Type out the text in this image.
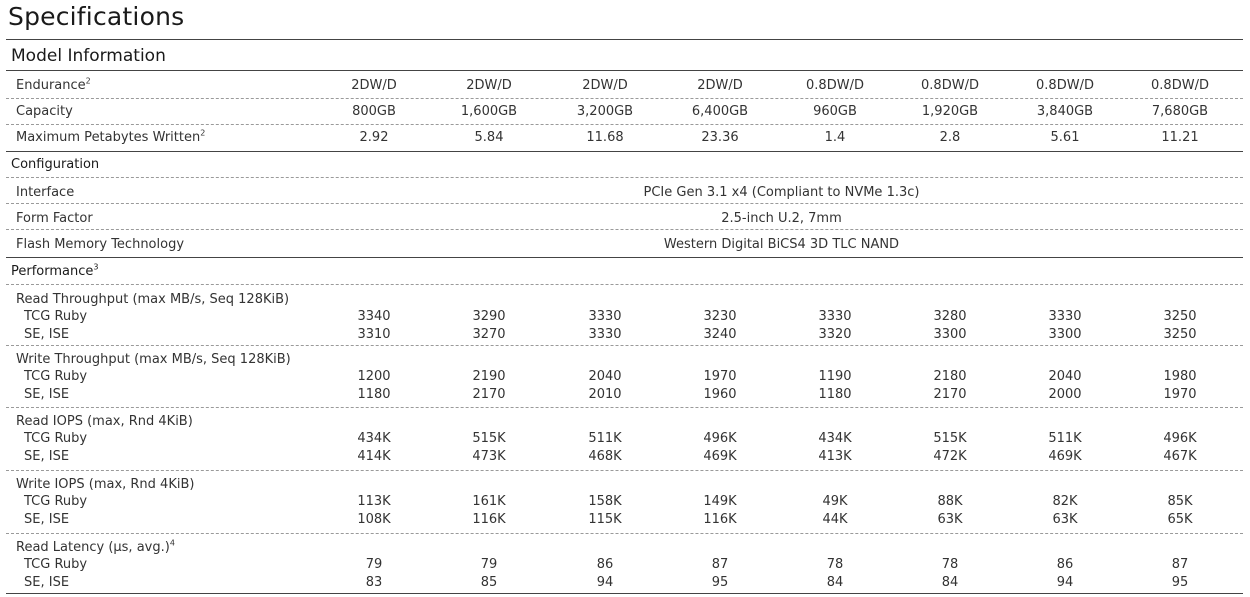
Specifications
Model Information
Endurance$^2$	2DW/D	2DW/D	2DW/D	2DW/D	0.8DW/D	0.8DW/D	0.8DW/D	0.8DW/D
Capacity	800GB	1,600GB	3,200GB	6,400GB	960GB	1,920GB	3,840GB	7,680GB
Maximum Petabytes Written$^2$	2.92	5.84	11.68	23.36	1.4	2.8	5.61	11.21
Configuration
Interface	PCIe Gen 3.1 x4 (Compliant to NVMe 1.3c)
Form Factor	2.5-inch U.2, 7mm
Flash Memory Technology	Western Digital BiCS4 3D TLC NAND
Performance$^3$
Read Throughput (max MB/s, Seq 128KiB)
TCG Ruby	3340	3290	3330	3230	3330	3280	3330	3250
SE, ISE	3310	3270	3330	3240	3320	3300	3300	3250
Write Throughput (max MB/s, Seq 128KiB)
TCG Ruby	1200	2190	2040	1970	1190	2180	2040	1980
SE, ISE	1180	2170	2010	1960	1180	2170	2000	1970
Read IOPS (max, Rnd 4KiB)
TCG Ruby	434K	515K	511K	496K	434K	515K	511K	496K
SE, ISE	414K	473K	468K	469K	413K	472K	469K	467K
Write IOPS (max, Rnd 4KiB)
TCG Ruby	113K	161K	158K	149K	49K	88K	82K	85K
SE, ISE	108K	116K	115K	116K	44K	63K	63K	65K
Read Latency (μs, avg.)$^4$
TCG Ruby	79	79	86	87	78	78	86	87
SE, ISE	83	85	94	95	84	84	94	95
